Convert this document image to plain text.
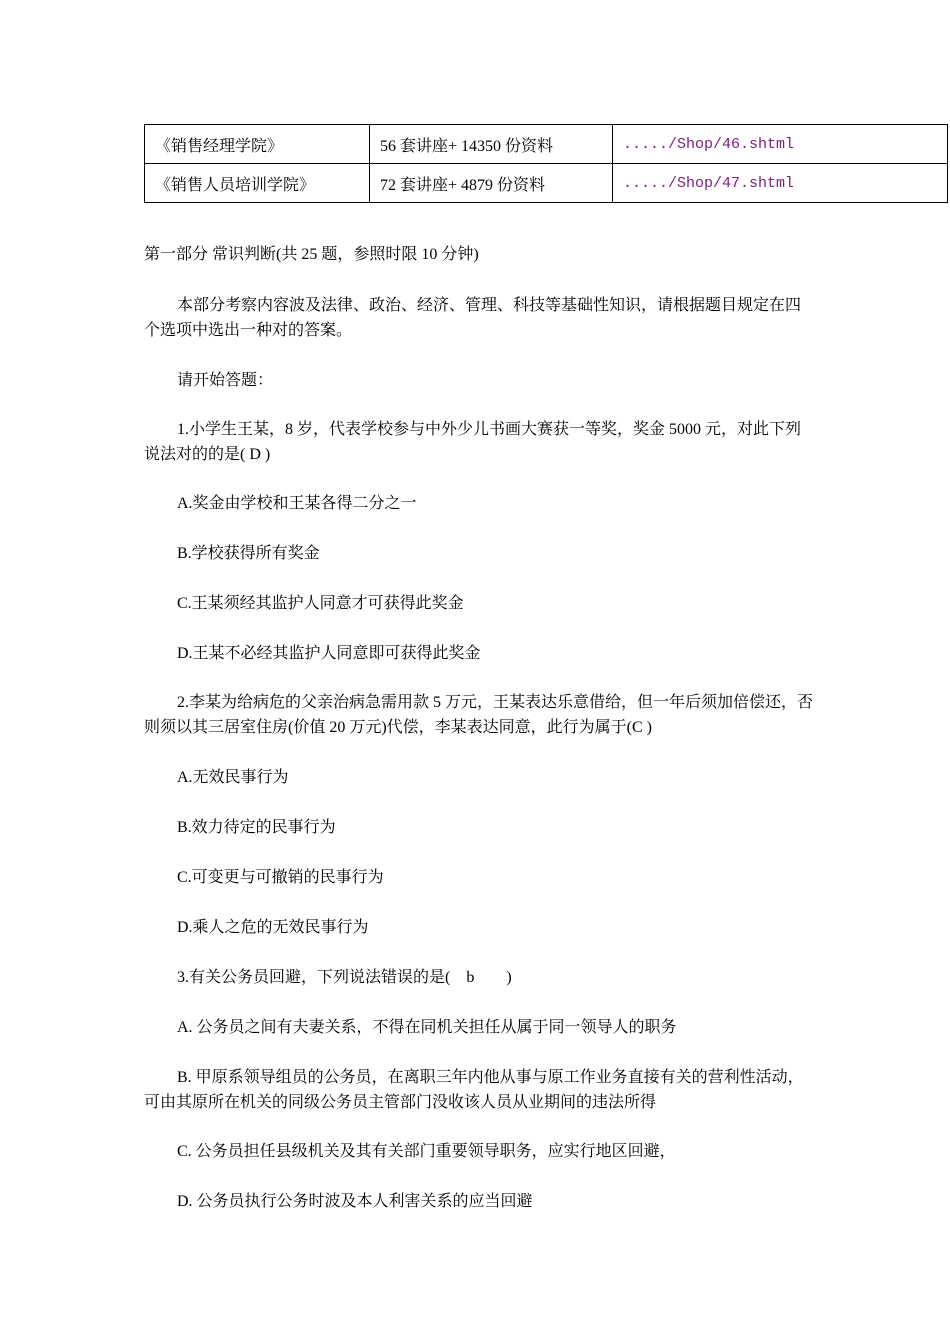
《销售经理学院》	56 套讲座+ 14350 份资料	...../Shop/46.shtml
《销售人员培训学院》	72 套讲座+ 4879 份资料	...../Shop/47.shtml

第一部分 常识判断(共 25 题，参照时限 10 分钟)

本部分考察内容波及法律、政治、经济、管理、科技等基础性知识，请根据题目规定在四个选项中选出一种对的答案。

请开始答题：

1.小学生王某，8 岁，代表学校参与中外少儿书画大赛获一等奖，奖金 5000 元，对此下列说法对的的是( D )

A.奖金由学校和王某各得二分之一

B.学校获得所有奖金

C.王某须经其监护人同意才可获得此奖金

D.王某不必经其监护人同意即可获得此奖金

2.李某为给病危的父亲治病急需用款 5 万元，王某表达乐意借给，但一年后须加倍偿还，否则须以其三居室住房(价值 20 万元)代偿，李某表达同意，此行为属于(C )

A.无效民事行为

B.效力待定的民事行为

C.可变更与可撤销的民事行为

D.乘人之危的无效民事行为

3.有关公务员回避，下列说法错误的是(　b　　)

A. 公务员之间有夫妻关系，不得在同机关担任从属于同一领导人的职务

B. 甲原系领导组员的公务员，在离职三年内他从事与原工作业务直接有关的营利性活动，可由其原所在机关的同级公务员主管部门没收该人员从业期间的违法所得

C. 公务员担任县级机关及其有关部门重要领导职务，应实行地区回避，

D. 公务员执行公务时波及本人利害关系的应当回避
